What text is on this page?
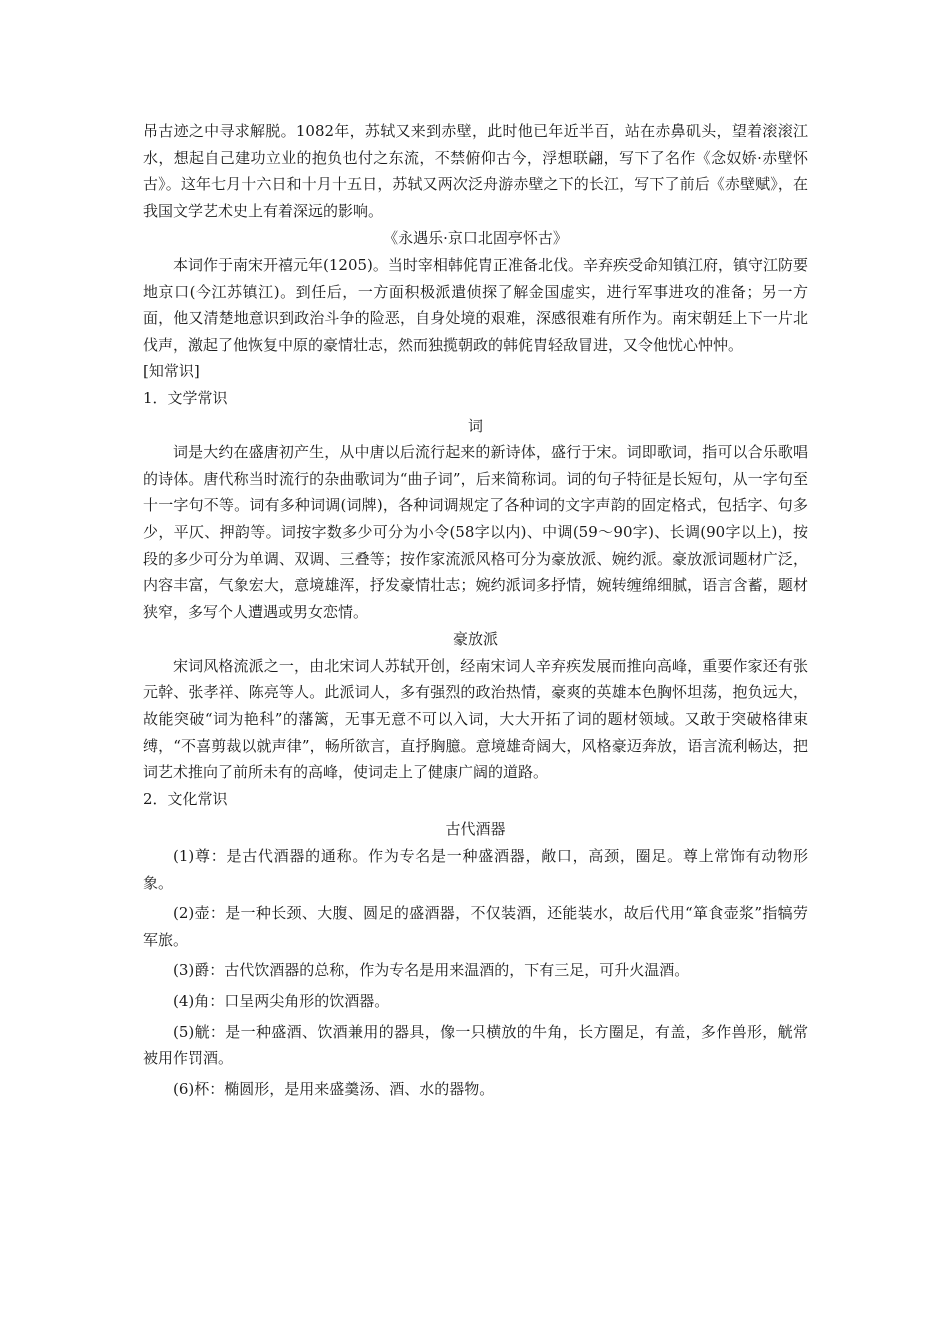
吊古迹之中寻求解脱。1082年，苏轼又来到赤壁，此时他已年近半百，站在赤鼻矶头，望着滚滚江水，想起自己建功立业的抱负也付之东流，不禁俯仰古今，浮想联翩，写下了名作《念奴娇·赤壁怀古》。这年七月十六日和十月十五日，苏轼又两次泛舟游赤壁之下的长江，写下了前后《赤壁赋》，在我国文学艺术史上有着深远的影响。

《永遇乐·京口北固亭怀古》

本词作于南宋开禧元年(1205)。当时宰相韩侂胄正准备北伐。辛弃疾受命知镇江府，镇守江防要地京口(今江苏镇江)。到任后，一方面积极派遣侦探了解金国虚实，进行军事进攻的准备；另一方面，他又清楚地意识到政治斗争的险恶，自身处境的艰难，深感很难有所作为。南宋朝廷上下一片北伐声，激起了他恢复中原的豪情壮志，然而独揽朝政的韩侂胄轻敌冒进，又令他忧心忡忡。

[知常识]

1．文学常识

词

词是大约在盛唐初产生，从中唐以后流行起来的新诗体，盛行于宋。词即歌词，指可以合乐歌唱的诗体。唐代称当时流行的杂曲歌词为“曲子词”，后来简称词。词的句子特征是长短句，从一字句至十一字句不等。词有多种词调(词牌)，各种词调规定了各种词的文字声韵的固定格式，包括字、句多少，平仄、押韵等。词按字数多少可分为小令(58字以内)、中调(59～90字)、长调(90字以上)，按段的多少可分为单调、双调、三叠等；按作家流派风格可分为豪放派、婉约派。豪放派词题材广泛，内容丰富，气象宏大，意境雄浑，抒发豪情壮志；婉约派词多抒情，婉转缠绵细腻，语言含蓄，题材狭窄，多写个人遭遇或男女恋情。

豪放派

宋词风格流派之一，由北宋词人苏轼开创，经南宋词人辛弃疾发展而推向高峰，重要作家还有张元幹、张孝祥、陈亮等人。此派词人，多有强烈的政治热情，豪爽的英雄本色胸怀坦荡，抱负远大，故能突破“词为艳科”的藩篱，无事无意不可以入词，大大开拓了词的题材领域。又敢于突破格律束缚，“不喜剪裁以就声律”，畅所欲言，直抒胸臆。意境雄奇阔大，风格豪迈奔放，语言流利畅达，把词艺术推向了前所未有的高峰，使词走上了健康广阔的道路。

2．文化常识

古代酒器

(1)尊：是古代酒器的通称。作为专名是一种盛酒器，敞口，高颈，圈足。尊上常饰有动物形象。

(2)壶：是一种长颈、大腹、圆足的盛酒器，不仅装酒，还能装水，故后代用“箪食壶浆”指犒劳军旅。

(3)爵：古代饮酒器的总称，作为专名是用来温酒的，下有三足，可升火温酒。

(4)角：口呈两尖角形的饮酒器。

(5)觥：是一种盛酒、饮酒兼用的器具，像一只横放的牛角，长方圈足，有盖，多作兽形，觥常被用作罚酒。

(6)杯：椭圆形，是用来盛羹汤、酒、水的器物。
